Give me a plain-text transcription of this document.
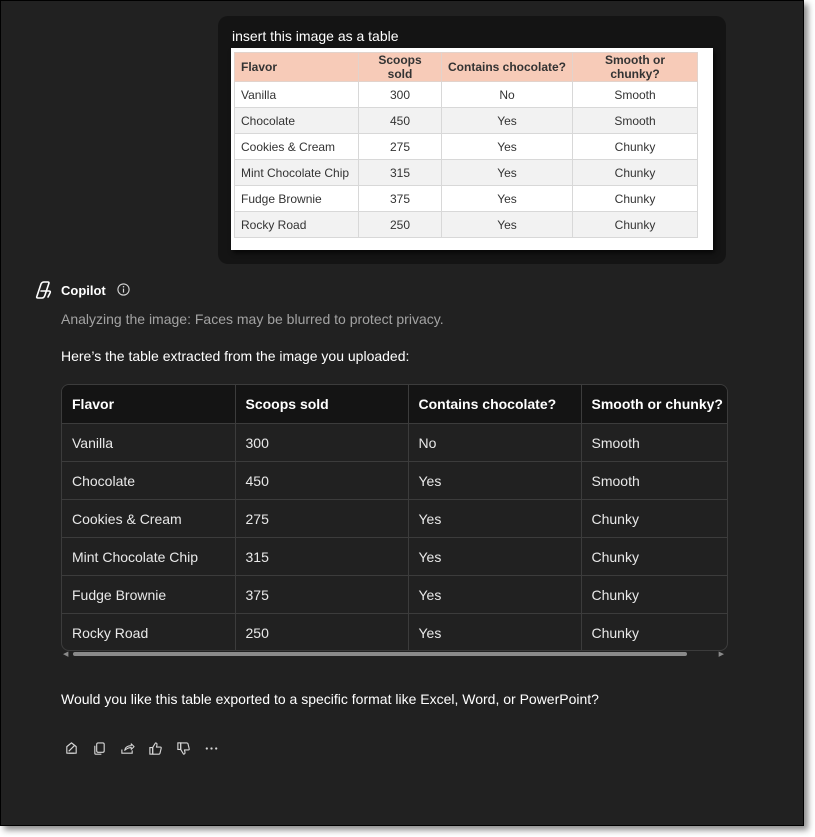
insert this image as a table
Flavor	Scoops sold	Contains chocolate?	Smooth or chunky?
Vanilla	300	No	Smooth
Chocolate	450	Yes	Smooth
Cookies & Cream	275	Yes	Chunky
Mint Chocolate Chip	315	Yes	Chunky
Fudge Brownie	375	Yes	Chunky
Rocky Road	250	Yes	Chunky
Copilot
Analyzing the image: Faces may be blurred to protect privacy.
Here’s the table extracted from the image you uploaded:
Flavor	Scoops sold	Contains chocolate?	Smooth or chunky?
Vanilla	300	No	Smooth
Chocolate	450	Yes	Smooth
Cookies & Cream	275	Yes	Chunky
Mint Chocolate Chip	315	Yes	Chunky
Fudge Brownie	375	Yes	Chunky
Rocky Road	250	Yes	Chunky
◀	▶
Would you like this table exported to a specific format like Excel, Word, or PowerPoint?
